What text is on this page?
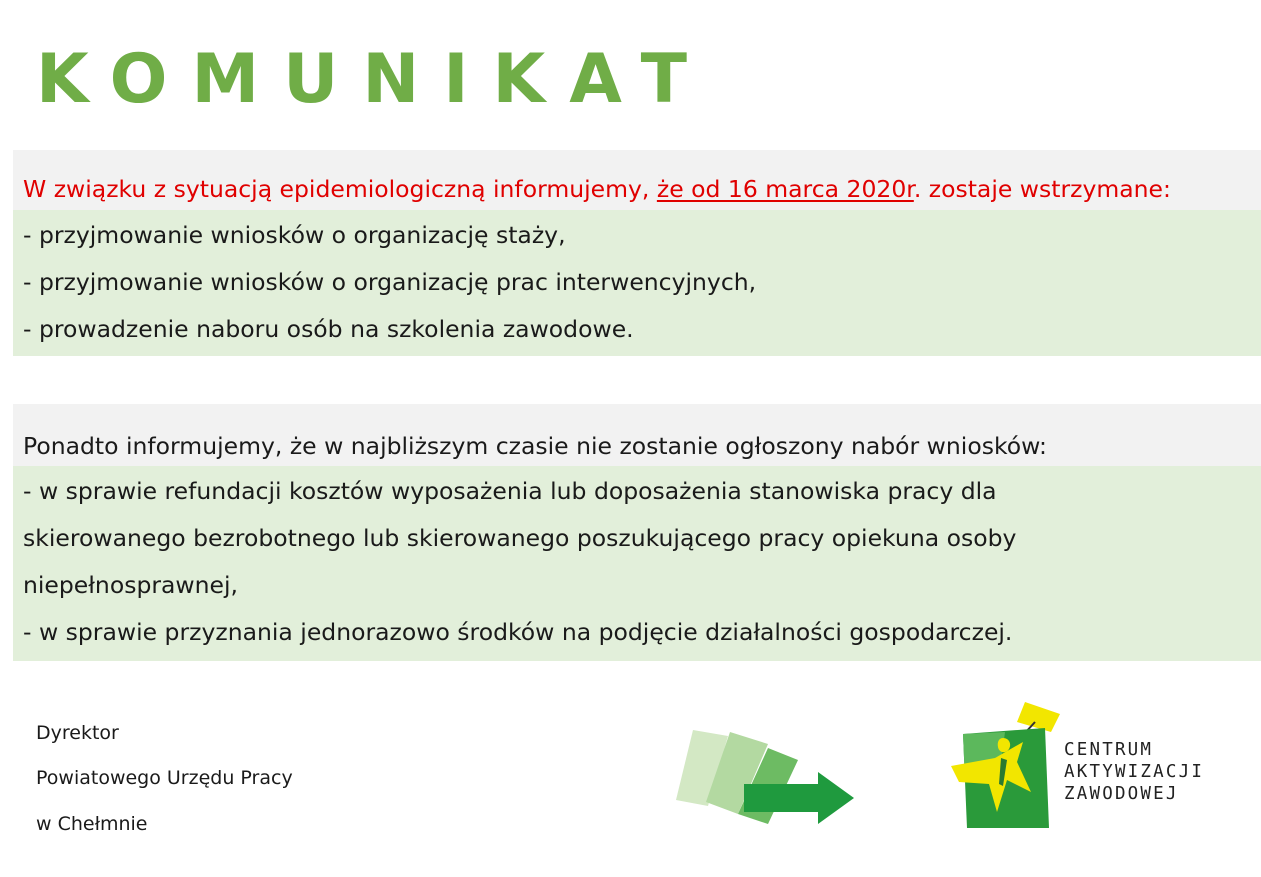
KOMUNIKAT
W związku z sytuacją epidemiologiczną informujemy, że od 16 marca 2020r. zostaje wstrzymane:
- przyjmowanie wniosków o organizację staży,
- przyjmowanie wniosków o organizację prac interwencyjnych,
- prowadzenie naboru osób na szkolenia zawodowe.
Ponadto informujemy, że w najbliższym czasie nie zostanie ogłoszony nabór wniosków:
- w sprawie refundacji kosztów wyposażenia lub doposażenia stanowiska pracy dla
skierowanego bezrobotnego lub skierowanego poszukującego pracy opiekuna osoby
niepełnosprawnej,
- w sprawie przyznania jednorazowo środków na podjęcie działalności gospodarczej.
Dyrektor
Powiatowego Urzędu Pracy
w Chełmnie
CENTRUM
AKTYWIZACJI
ZAWODOWEJ
